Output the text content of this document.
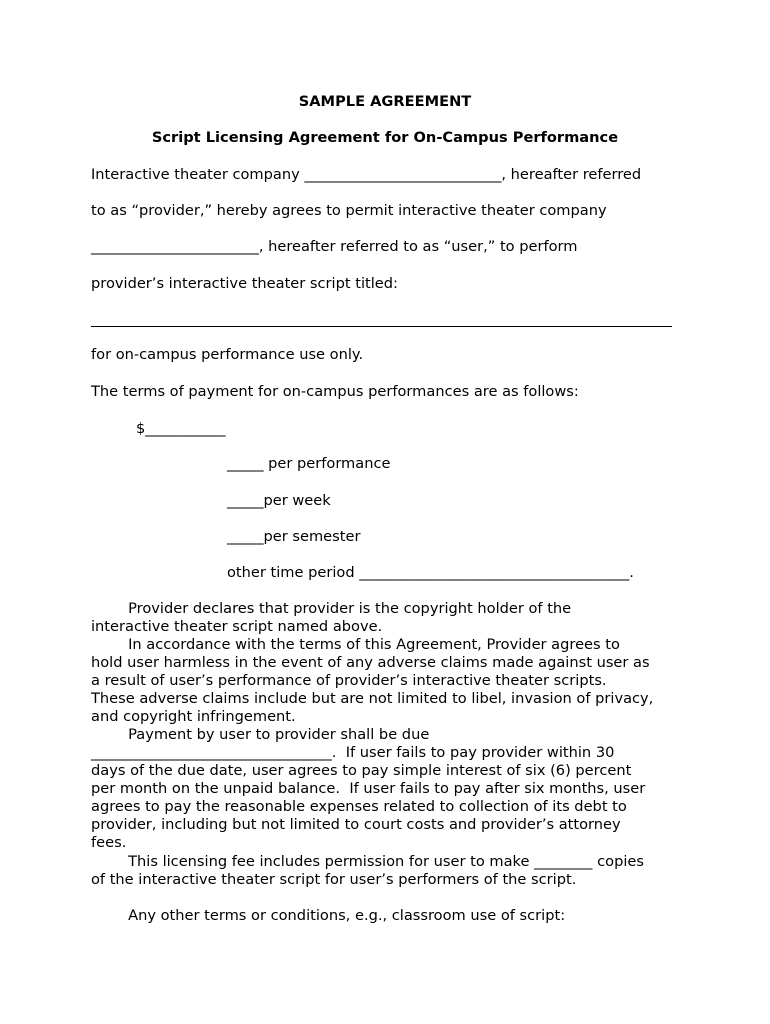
SAMPLE AGREEMENT
Script Licensing Agreement for On-Campus Performance
Interactive theater company ___________________________, hereafter referred
to as “provider,” hereby agrees to permit interactive theater company
_______________________, hereafter referred to as “user,” to perform
provider’s interactive theater script titled:
for on-campus performance use only.
The terms of payment for on-campus performances are as follows:
$___________
_____ per performance
_____per week
_____per semester
other time period _____________________________________.
Provider declares that provider is the copyright holder of the
interactive theater script named above.
In accordance with the terms of this Agreement, Provider agrees to
hold user harmless in the event of any adverse claims made against user as
a result of user’s performance of provider’s interactive theater scripts.
These adverse claims include but are not limited to libel, invasion of privacy,
and copyright infringement.
Payment by user to provider shall be due
_________________________________.  If user fails to pay provider within 30
days of the due date, user agrees to pay simple interest of six (6) percent
per month on the unpaid balance.  If user fails to pay after six months, user
agrees to pay the reasonable expenses related to collection of its debt to
provider, including but not limited to court costs and provider’s attorney
fees.
This licensing fee includes permission for user to make ________ copies
of the interactive theater script for user’s performers of the script.
Any other terms or conditions, e.g., classroom use of script:
